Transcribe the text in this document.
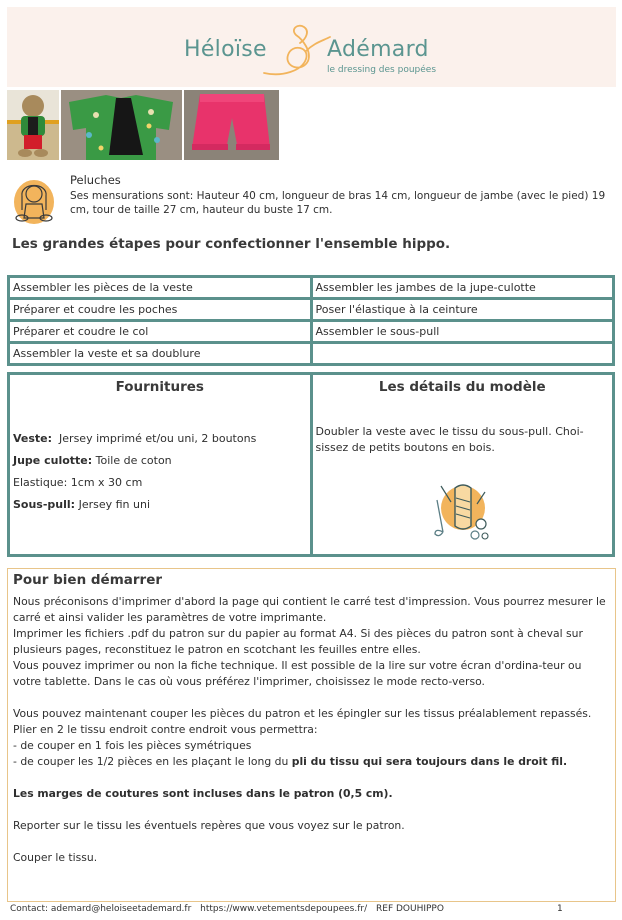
Héloïse	Adémard
le dressing des poupées
Peluches
Ses mensurations sont: Hauteur 40 cm, longueur de bras 14 cm, longueur de jambe (avec le pied) 19 cm, tour de taille 27 cm, hauteur du buste 17 cm.
Les grandes étapes pour confectionner l'ensemble hippo.
Assembler les pièces de la veste	Assembler les jambes de la jupe-culotte
Préparer et coudre les poches	Poser l'élastique à la ceinture
Préparer et coudre le col	Assembler le sous-pull
Assembler la veste et sa doublure	
Fournitures
Veste:  Jersey imprimé et/ou uni, 2 boutons
Jupe culotte: Toile de coton
Elastique: 1cm x 30 cm
Sous-pull: Jersey fin uni
Les détails du modèle
Doubler la veste avec le tissu du sous-pull. Choi-sissez de petits boutons en bois.
Pour bien démarrer

Nous préconisons d'imprimer d'abord la page qui contient le carré test d'impression. Vous pourrez mesurer le carré et ainsi valider les paramètres de votre imprimante.

Imprimer les fichiers .pdf du patron sur du papier au format A4. Si des pièces du patron sont à cheval sur plusieurs pages, reconstituez le patron en scotchant les feuilles entre elles.

Vous pouvez imprimer ou non la fiche technique. Il est possible de la lire sur votre écran d'ordina-teur ou votre tablette. Dans le cas où vous préférez l'imprimer, choisissez le mode recto-verso.

Vous pouvez maintenant couper les pièces du patron et les épingler sur les tissus préalablement repassés.

Plier en 2 le tissu endroit contre endroit vous permettra:

- de couper en 1 fois les pièces symétriques

- de couper les 1/2 pièces en les plaçant le long du pli du tissu qui sera toujours dans le droit fil.

Les marges de coutures sont incluses dans le patron (0,5 cm).

Reporter sur le tissu les éventuels repères que vous voyez sur le patron.

Couper le tissu.

Contact: ademard@heloiseetademard.fr https://www.vetementsdepoupees.fr/ REF DOUHIPPO	1
